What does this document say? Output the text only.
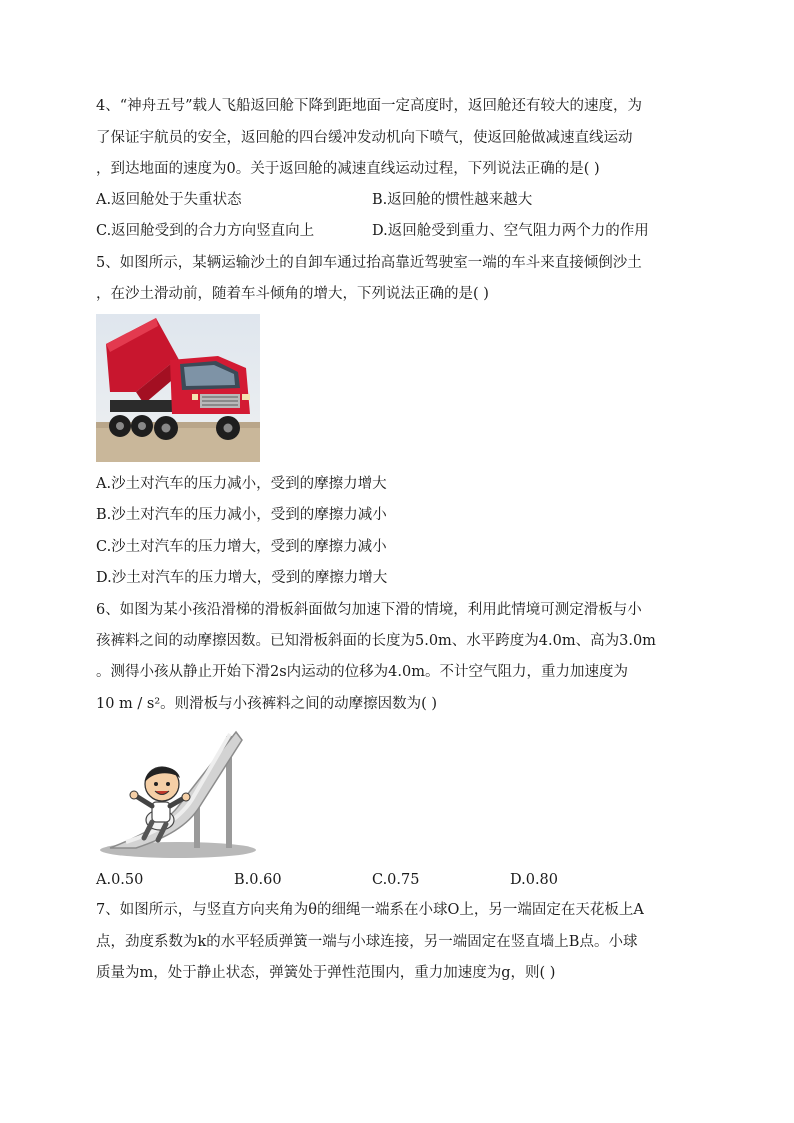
4、“神舟五号”载人飞船返回舱下降到距地面一定高度时，返回舱还有较大的速度，为
了保证宇航员的安全，返回舱的四台缓冲发动机向下喷气，使返回舱做减速直线运动
，到达地面的速度为0。关于返回舱的减速直线运动过程，下列说法正确的是( )
A.返回舱处于失重状态	B.返回舱的惯性越来越大
C.返回舱受到的合力方向竖直向上	D.返回舱受到重力、空气阻力两个力的作用
5、如图所示，某辆运输沙土的自卸车通过抬高靠近驾驶室一端的车斗来直接倾倒沙土
，在沙土滑动前，随着车斗倾角的增大，下列说法正确的是( )
A.沙土对汽车的压力减小，受到的摩擦力增大
B.沙土对汽车的压力减小，受到的摩擦力减小
C.沙土对汽车的压力增大，受到的摩擦力减小
D.沙土对汽车的压力增大，受到的摩擦力增大
6、如图为某小孩沿滑梯的滑板斜面做匀加速下滑的情境，利用此情境可测定滑板与小
孩裤料之间的动摩擦因数。已知滑板斜面的长度为5.0m、水平跨度为4.0m、高为3.0m
。测得小孩从静止开始下滑2s内运动的位移为4.0m。不计空气阻力，重力加速度为
10 m / s²。则滑板与小孩裤料之间的动摩擦因数为( )
A.0.50	B.0.60	C.0.75	D.0.80
7、如图所示，与竖直方向夹角为θ的细绳一端系在小球O上，另一端固定在天花板上A
点，劲度系数为k的水平轻质弹簧一端与小球连接，另一端固定在竖直墙上B点。小球
质量为m，处于静止状态，弹簧处于弹性范围内，重力加速度为g，则( )
